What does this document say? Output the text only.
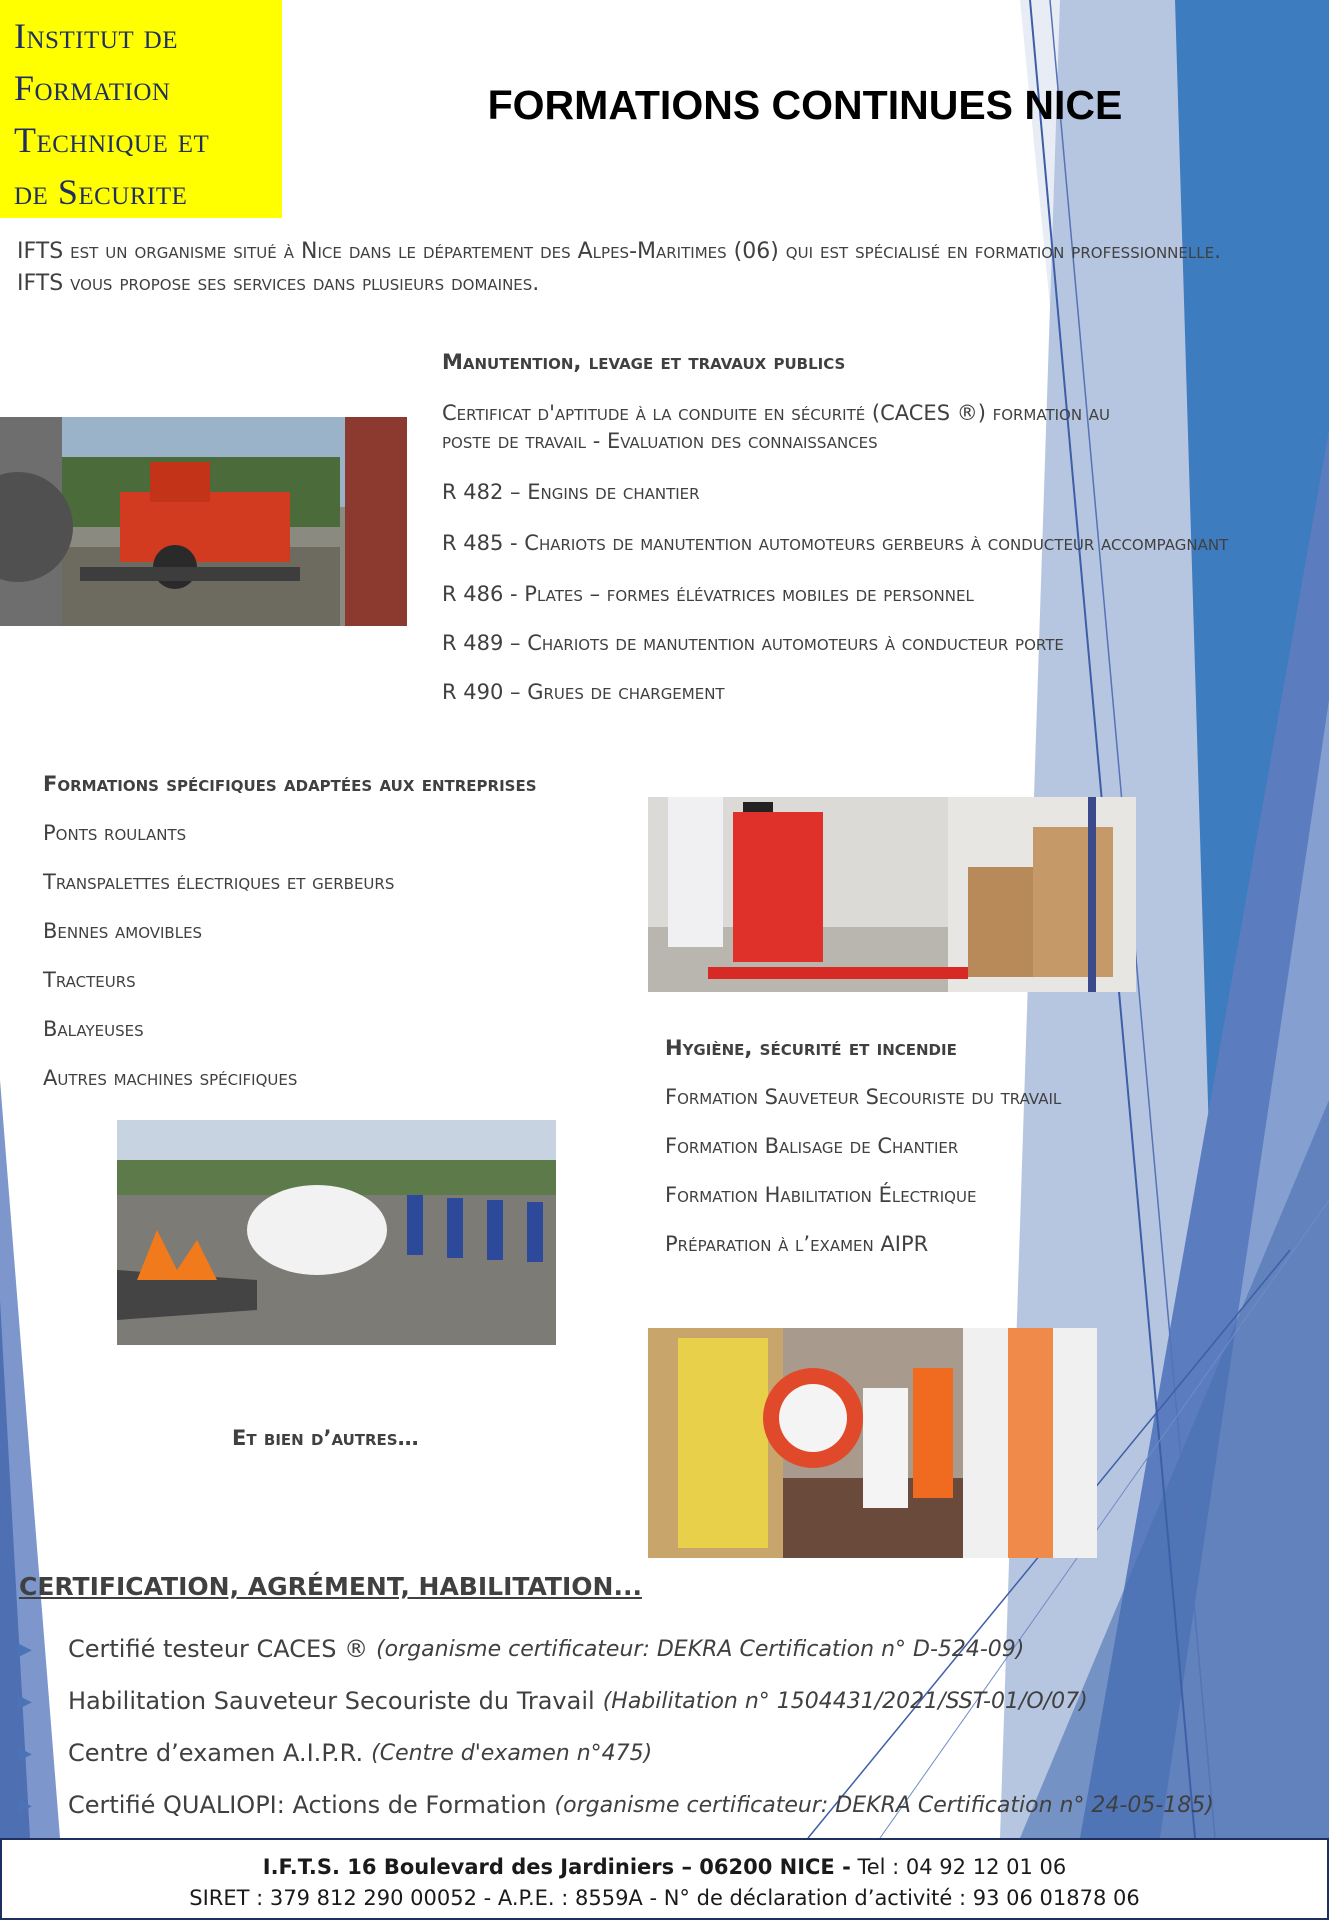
Institut de
Formation
Technique et
de Securite
FORMATIONS CONTINUES NICE

IFTS est un organisme situé à Nice dans le département des Alpes-Maritimes (06) qui est spécialisé en formation professionnelle. IFTS vous propose ses services dans plusieurs domaines.

Manutention, levage et travaux publics

Certificat d'aptitude à la conduite en sécurité (CACES ®) formation au poste de travail - Evaluation des connaissances

R 482 – Engins de chantier

R 485 - Chariots de manutention automoteurs gerbeurs à conducteur accompagnant

R 486 - Plates – formes élévatrices mobiles de personnel

R 489 – Chariots de manutention automoteurs à conducteur porte

R 490 – Grues de chargement

Formations spécifiques adaptées aux entreprises

Ponts roulants

Transpalettes électriques et gerbeurs

Bennes amovibles

Tracteurs

Balayeuses

Autres machines spécifiques

Hygiène, sécurité et incendie

Formation Sauveteur Secouriste du travail

Formation Balisage de Chantier

Formation Habilitation Électrique

Préparation à l’examen AIPR

Et bien d’autres…

CERTIFICATION, AGRÉMENT, HABILITATION...
▶	Certifié testeur CACES ® (organisme certificateur: DEKRA Certification n° D-524-09)
▶	Habilitation Sauveteur Secouriste du Travail (Habilitation n° 1504431/2021/SST-01/O/07)
▶	Centre d’examen A.I.P.R. (Centre d'examen n°475)
▶	Certifié QUALIOPI: Actions de Formation (organisme certificateur: DEKRA Certification n° 24-05-185)
I.F.T.S. 16 Boulevard des Jardiniers – 06200 NICE - Tel : 04 92 12 01 06
SIRET : 379 812 290 00052 - A.P.E. : 8559A - N° de déclaration d’activité : 93 06 01878 06
